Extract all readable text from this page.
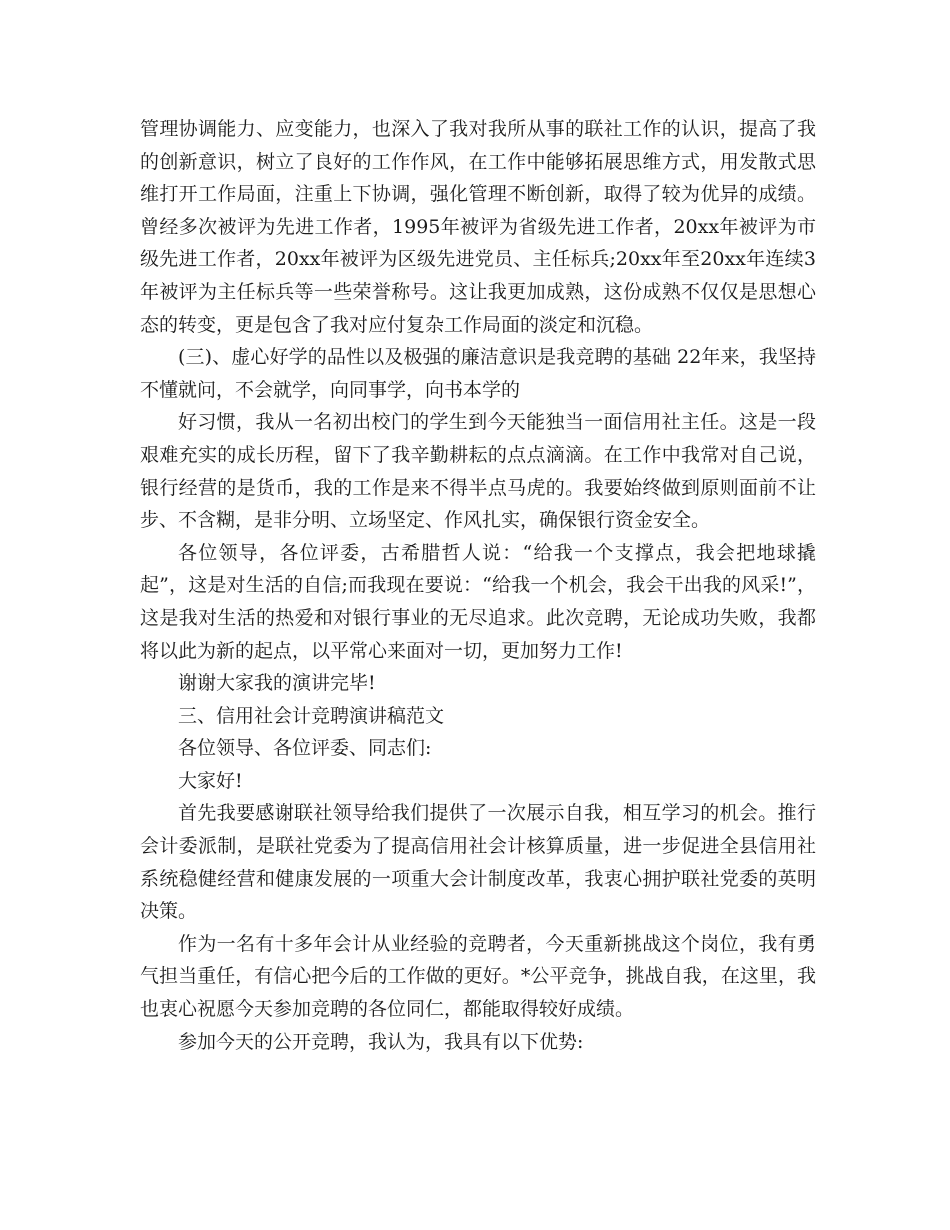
管理协调能力、应变能力，也深入了我对我所从事的联社工作的认识，提高了我的创新意识，树立了良好的工作作风，在工作中能够拓展思维方式，用发散式思维打开工作局面，注重上下协调，强化管理不断创新，取得了较为优异的成绩。曾经多次被评为先进工作者，1995年被评为省级先进工作者，20xx年被评为市级先进工作者，20xx年被评为区级先进党员、主任标兵;20xx年至20xx年连续3年被评为主任标兵等一些荣誉称号。这让我更加成熟，这份成熟不仅仅是思想心态的转变，更是包含了我对应付复杂工作局面的淡定和沉稳。

(三)、虚心好学的品性以及极强的廉洁意识是我竞聘的基础 22年来，我坚持不懂就问，不会就学，向同事学，向书本学的

好习惯，我从一名初出校门的学生到今天能独当一面信用社主任。这是一段艰难充实的成长历程，留下了我辛勤耕耘的点点滴滴。在工作中我常对自己说，银行经营的是货币，我的工作是来不得半点马虎的。我要始终做到原则面前不让步、不含糊，是非分明、立场坚定、作风扎实，确保银行资金安全。

各位领导，各位评委，古希腊哲人说：“给我一个支撑点，我会把地球撬起”，这是对生活的自信;而我现在要说：“给我一个机会，我会干出我的风采!”，这是我对生活的热爱和对银行事业的无尽追求。此次竞聘，无论成功失败，我都将以此为新的起点，以平常心来面对一切，更加努力工作!

谢谢大家我的演讲完毕!

三、信用社会计竞聘演讲稿范文

各位领导、各位评委、同志们:

大家好!

首先我要感谢联社领导给我们提供了一次展示自我，相互学习的机会。推行会计委派制，是联社党委为了提高信用社会计核算质量，进一步促进全县信用社系统稳健经营和健康发展的一项重大会计制度改革，我衷心拥护联社党委的英明决策。

作为一名有十多年会计从业经验的竞聘者，今天重新挑战这个岗位，我有勇气担当重任，有信心把今后的工作做的更好。*公平竞争，挑战自我，在这里，我也衷心祝愿今天参加竞聘的各位同仁，都能取得较好成绩。

参加今天的公开竞聘，我认为，我具有以下优势:
